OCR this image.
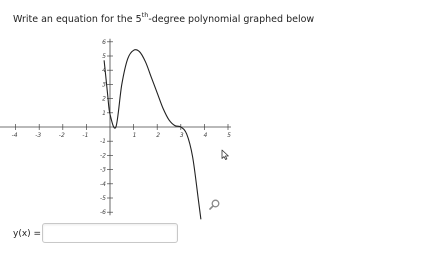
Write an equation for the 5th-degree polynomial graphed below
-4	-3	-2	-1	1	2	3	4	5
6
5
4
3
2
1
-1
-2
-3
-4
-5
-6
y(x) =
